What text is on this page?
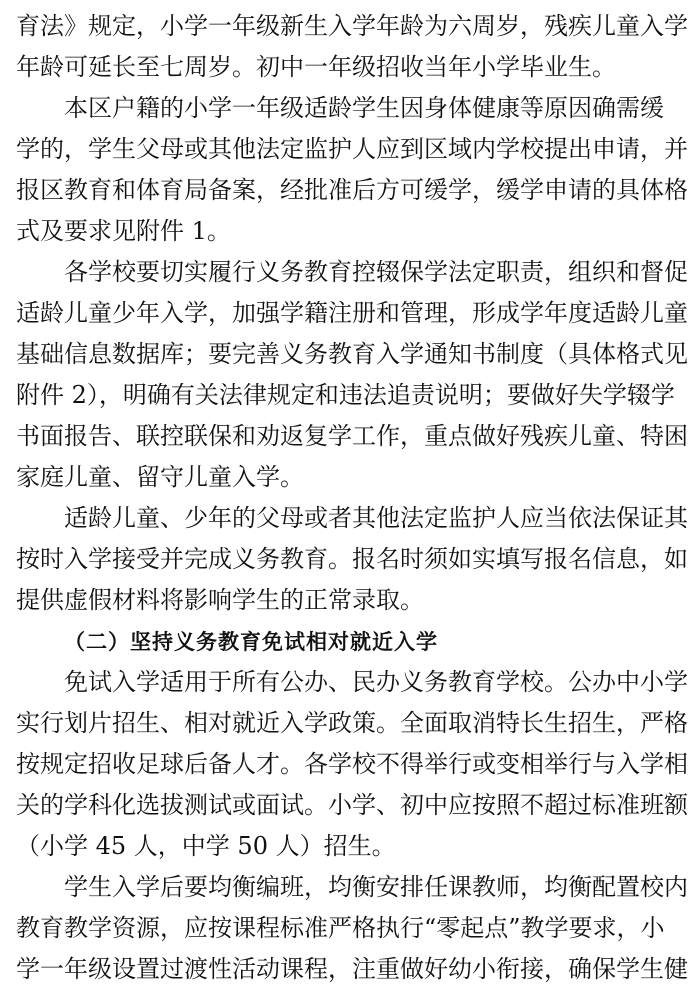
育法》规定，小学一年级新生入学年龄为六周岁，残疾儿童入学
年龄可延长至七周岁。初中一年级招收当年小学毕业生。
本区户籍的小学一年级适龄学生因身体健康等原因确需缓
学的，学生父母或其他法定监护人应到区域内学校提出申请，并
报区教育和体育局备案，经批准后方可缓学，缓学申请的具体格
式及要求见附件 1。
各学校要切实履行义务教育控辍保学法定职责，组织和督促
适龄儿童少年入学，加强学籍注册和管理，形成学年度适龄儿童
基础信息数据库；要完善义务教育入学通知书制度（具体格式见
附件 2），明确有关法律规定和违法追责说明；要做好失学辍学
书面报告、联控联保和劝返复学工作，重点做好残疾儿童、特困
家庭儿童、留守儿童入学。
适龄儿童、少年的父母或者其他法定监护人应当依法保证其
按时入学接受并完成义务教育。报名时须如实填写报名信息，如
提供虚假材料将影响学生的正常录取。
（二）坚持义务教育免试相对就近入学
免试入学适用于所有公办、民办义务教育学校。公办中小学
实行划片招生、相对就近入学政策。全面取消特长生招生，严格
按规定招收足球后备人才。各学校不得举行或变相举行与入学相
关的学科化选拔测试或面试。小学、初中应按照不超过标准班额
（小学 45 人，中学 50 人）招生。
学生入学后要均衡编班，均衡安排任课教师，均衡配置校内
教育教学资源，应按课程标准严格执行“零起点”教学要求，小
学一年级设置过渡性活动课程，注重做好幼小衔接，确保学生健
